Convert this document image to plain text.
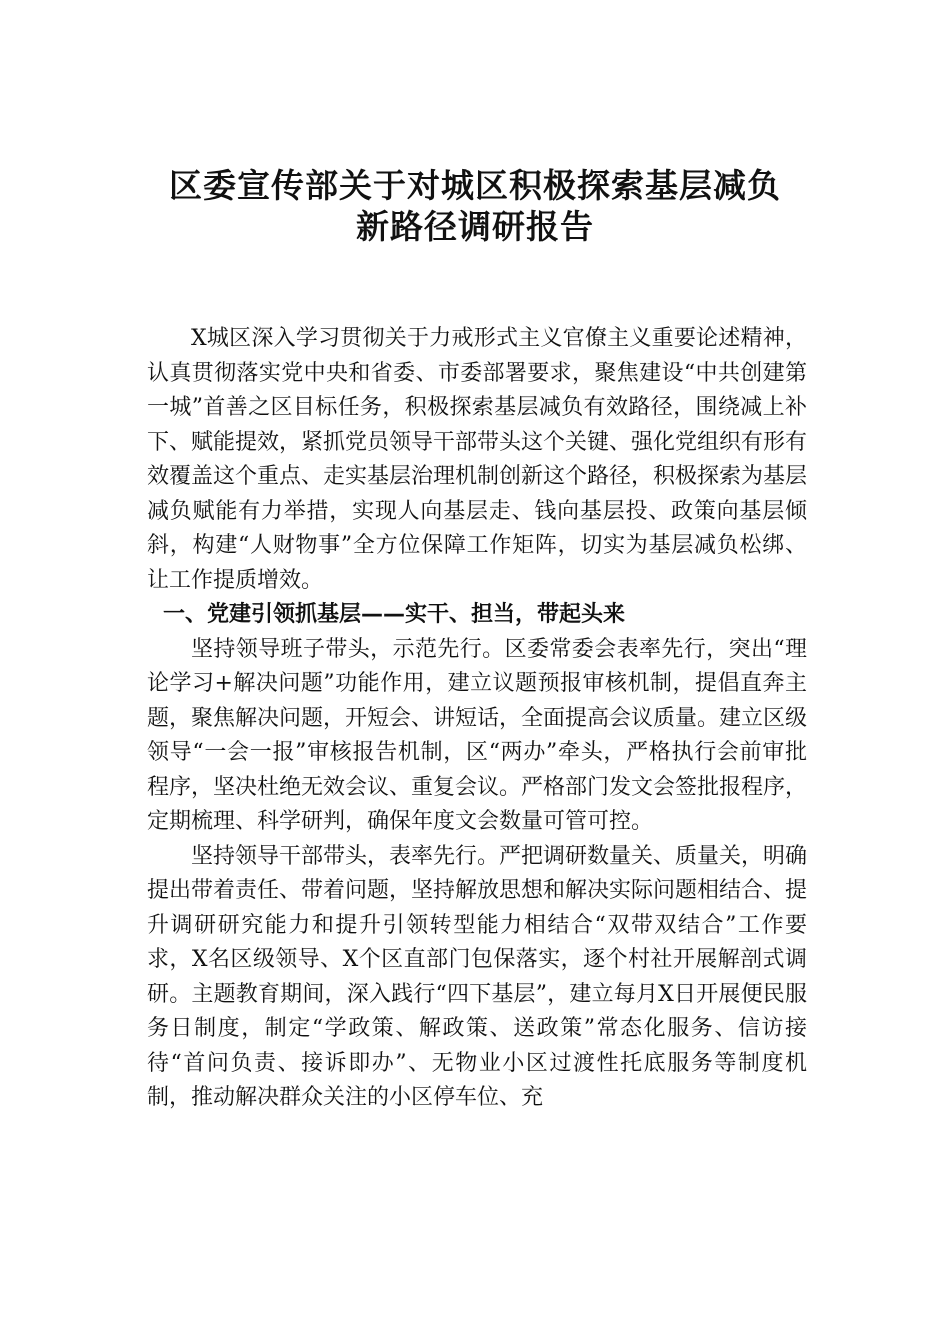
区委宣传部关于对城区积极探索基层减负
新路径调研报告

X城区深入学习贯彻关于力戒形式主义官僚主义重要论述精神，认真贯彻落实党中央和省委、市委部署要求，聚焦建设“中共创建第一城”首善之区目标任务，积极探索基层减负有效路径，围绕减上补下、赋能提效，紧抓党员领导干部带头这个关键、强化党组织有形有效覆盖这个重点、走实基层治理机制创新这个路径，积极探索为基层减负赋能有力举措，实现人向基层走、钱向基层投、政策向基层倾斜，构建“人财物事”全方位保障工作矩阵，切实为基层减负松绑、让工作提质增效。

一、党建引领抓基层——实干、担当，带起头来

坚持领导班子带头，示范先行。区委常委会表率先行，突出“理论学习+解决问题”功能作用，建立议题预报审核机制，提倡直奔主题，聚焦解决问题，开短会、讲短话，全面提高会议质量。建立区级领导“一会一报”审核报告机制，区“两办”牵头，严格执行会前审批程序，坚决杜绝无效会议、重复会议。严格部门发文会签批报程序，定期梳理、科学研判，确保年度文会数量可管可控。

坚持领导干部带头，表率先行。严把调研数量关、质量关，明确提出带着责任、带着问题，坚持解放思想和解决实际问题相结合、提升调研研究能力和提升引领转型能力相结合“双带双结合”工作要求，X名区级领导、X个区直部门包保落实，逐个村社开展解剖式调研。主题教育期间，深入践行“四下基层”，建立每月X日开展便民服务日制度，制定“学政策、解政策、送政策”常态化服务、信访接待“首问负责、接诉即办”、无物业小区过渡性托底服务等制度机制，推动解决群众关注的小区停车位、充
